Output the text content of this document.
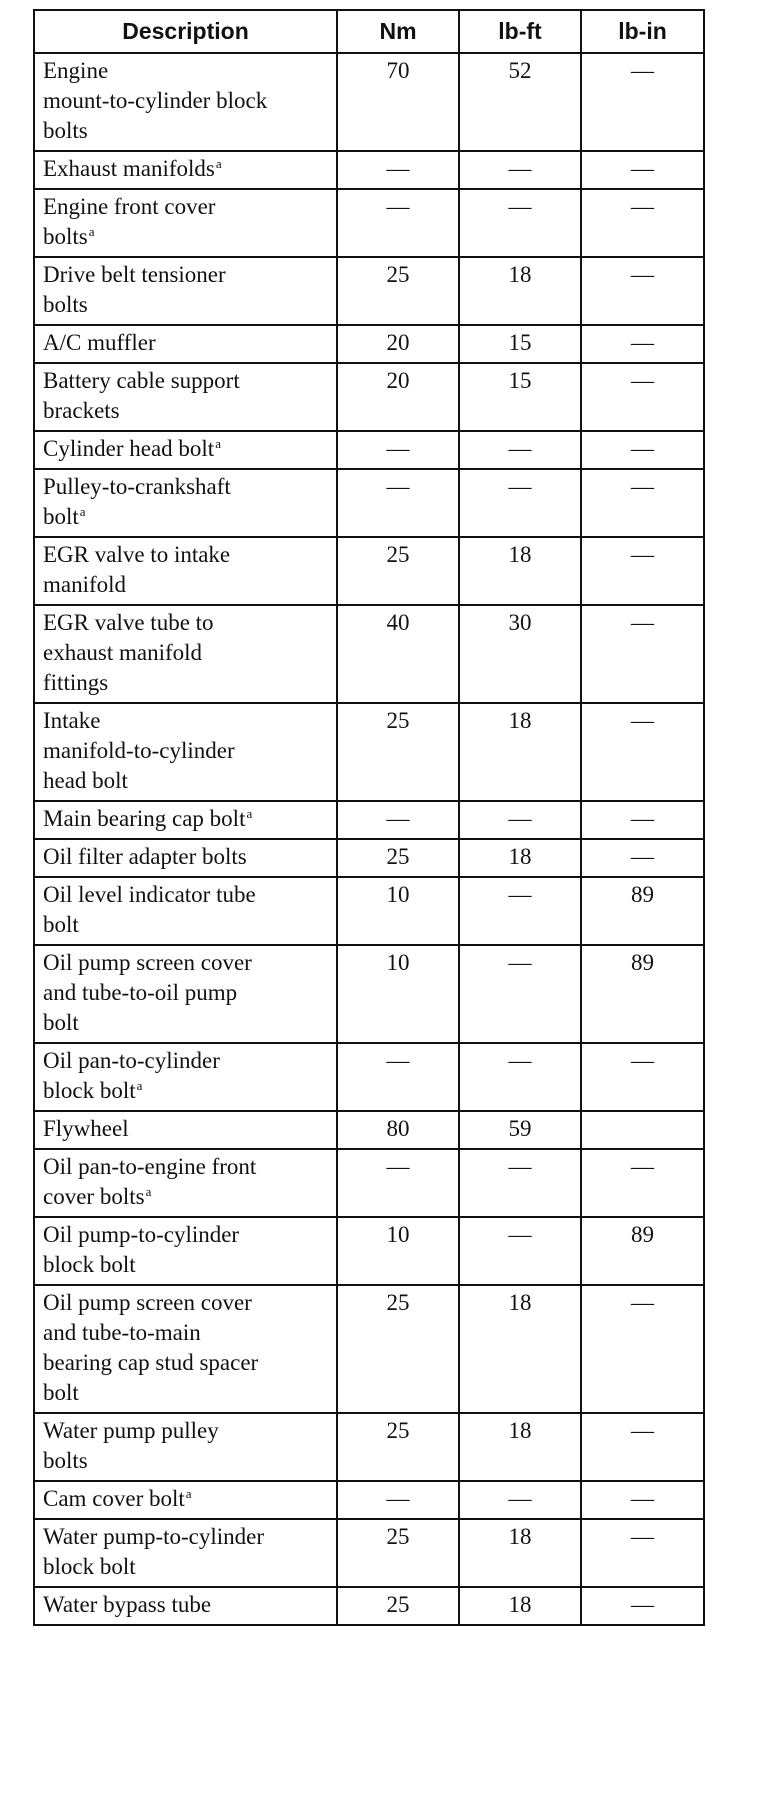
Description	Nm	lb-ft	lb-in
Engine
mount-to-cylinder block
bolts	70	52	—
Exhaust manifolds$^a$	—	—	—
Engine front cover
bolts$^a$	—	—	—
Drive belt tensioner
bolts	25	18	—
A/C muffler	20	15	—
Battery cable support
brackets	20	15	—
Cylinder head bolt$^a$	—	—	—
Pulley-to-crankshaft
bolt$^a$	—	—	—
EGR valve to intake
manifold	25	18	—
EGR valve tube to
exhaust manifold
fittings	40	30	—
Intake
manifold-to-cylinder
head bolt	25	18	—
Main bearing cap bolt$^a$	—	—	—
Oil filter adapter bolts	25	18	—
Oil level indicator tube
bolt	10	—	89
Oil pump screen cover
and tube-to-oil pump
bolt	10	—	89
Oil pan-to-cylinder
block bolt$^a$	—	—	—
Flywheel	80	59	
Oil pan-to-engine front
cover bolts$^a$	—	—	—
Oil pump-to-cylinder
block bolt	10	—	89
Oil pump screen cover
and tube-to-main
bearing cap stud spacer
bolt	25	18	—
Water pump pulley
bolts	25	18	—
Cam cover bolt$^a$	—	—	—
Water pump-to-cylinder
block bolt	25	18	—
Water bypass tube	25	18	—
